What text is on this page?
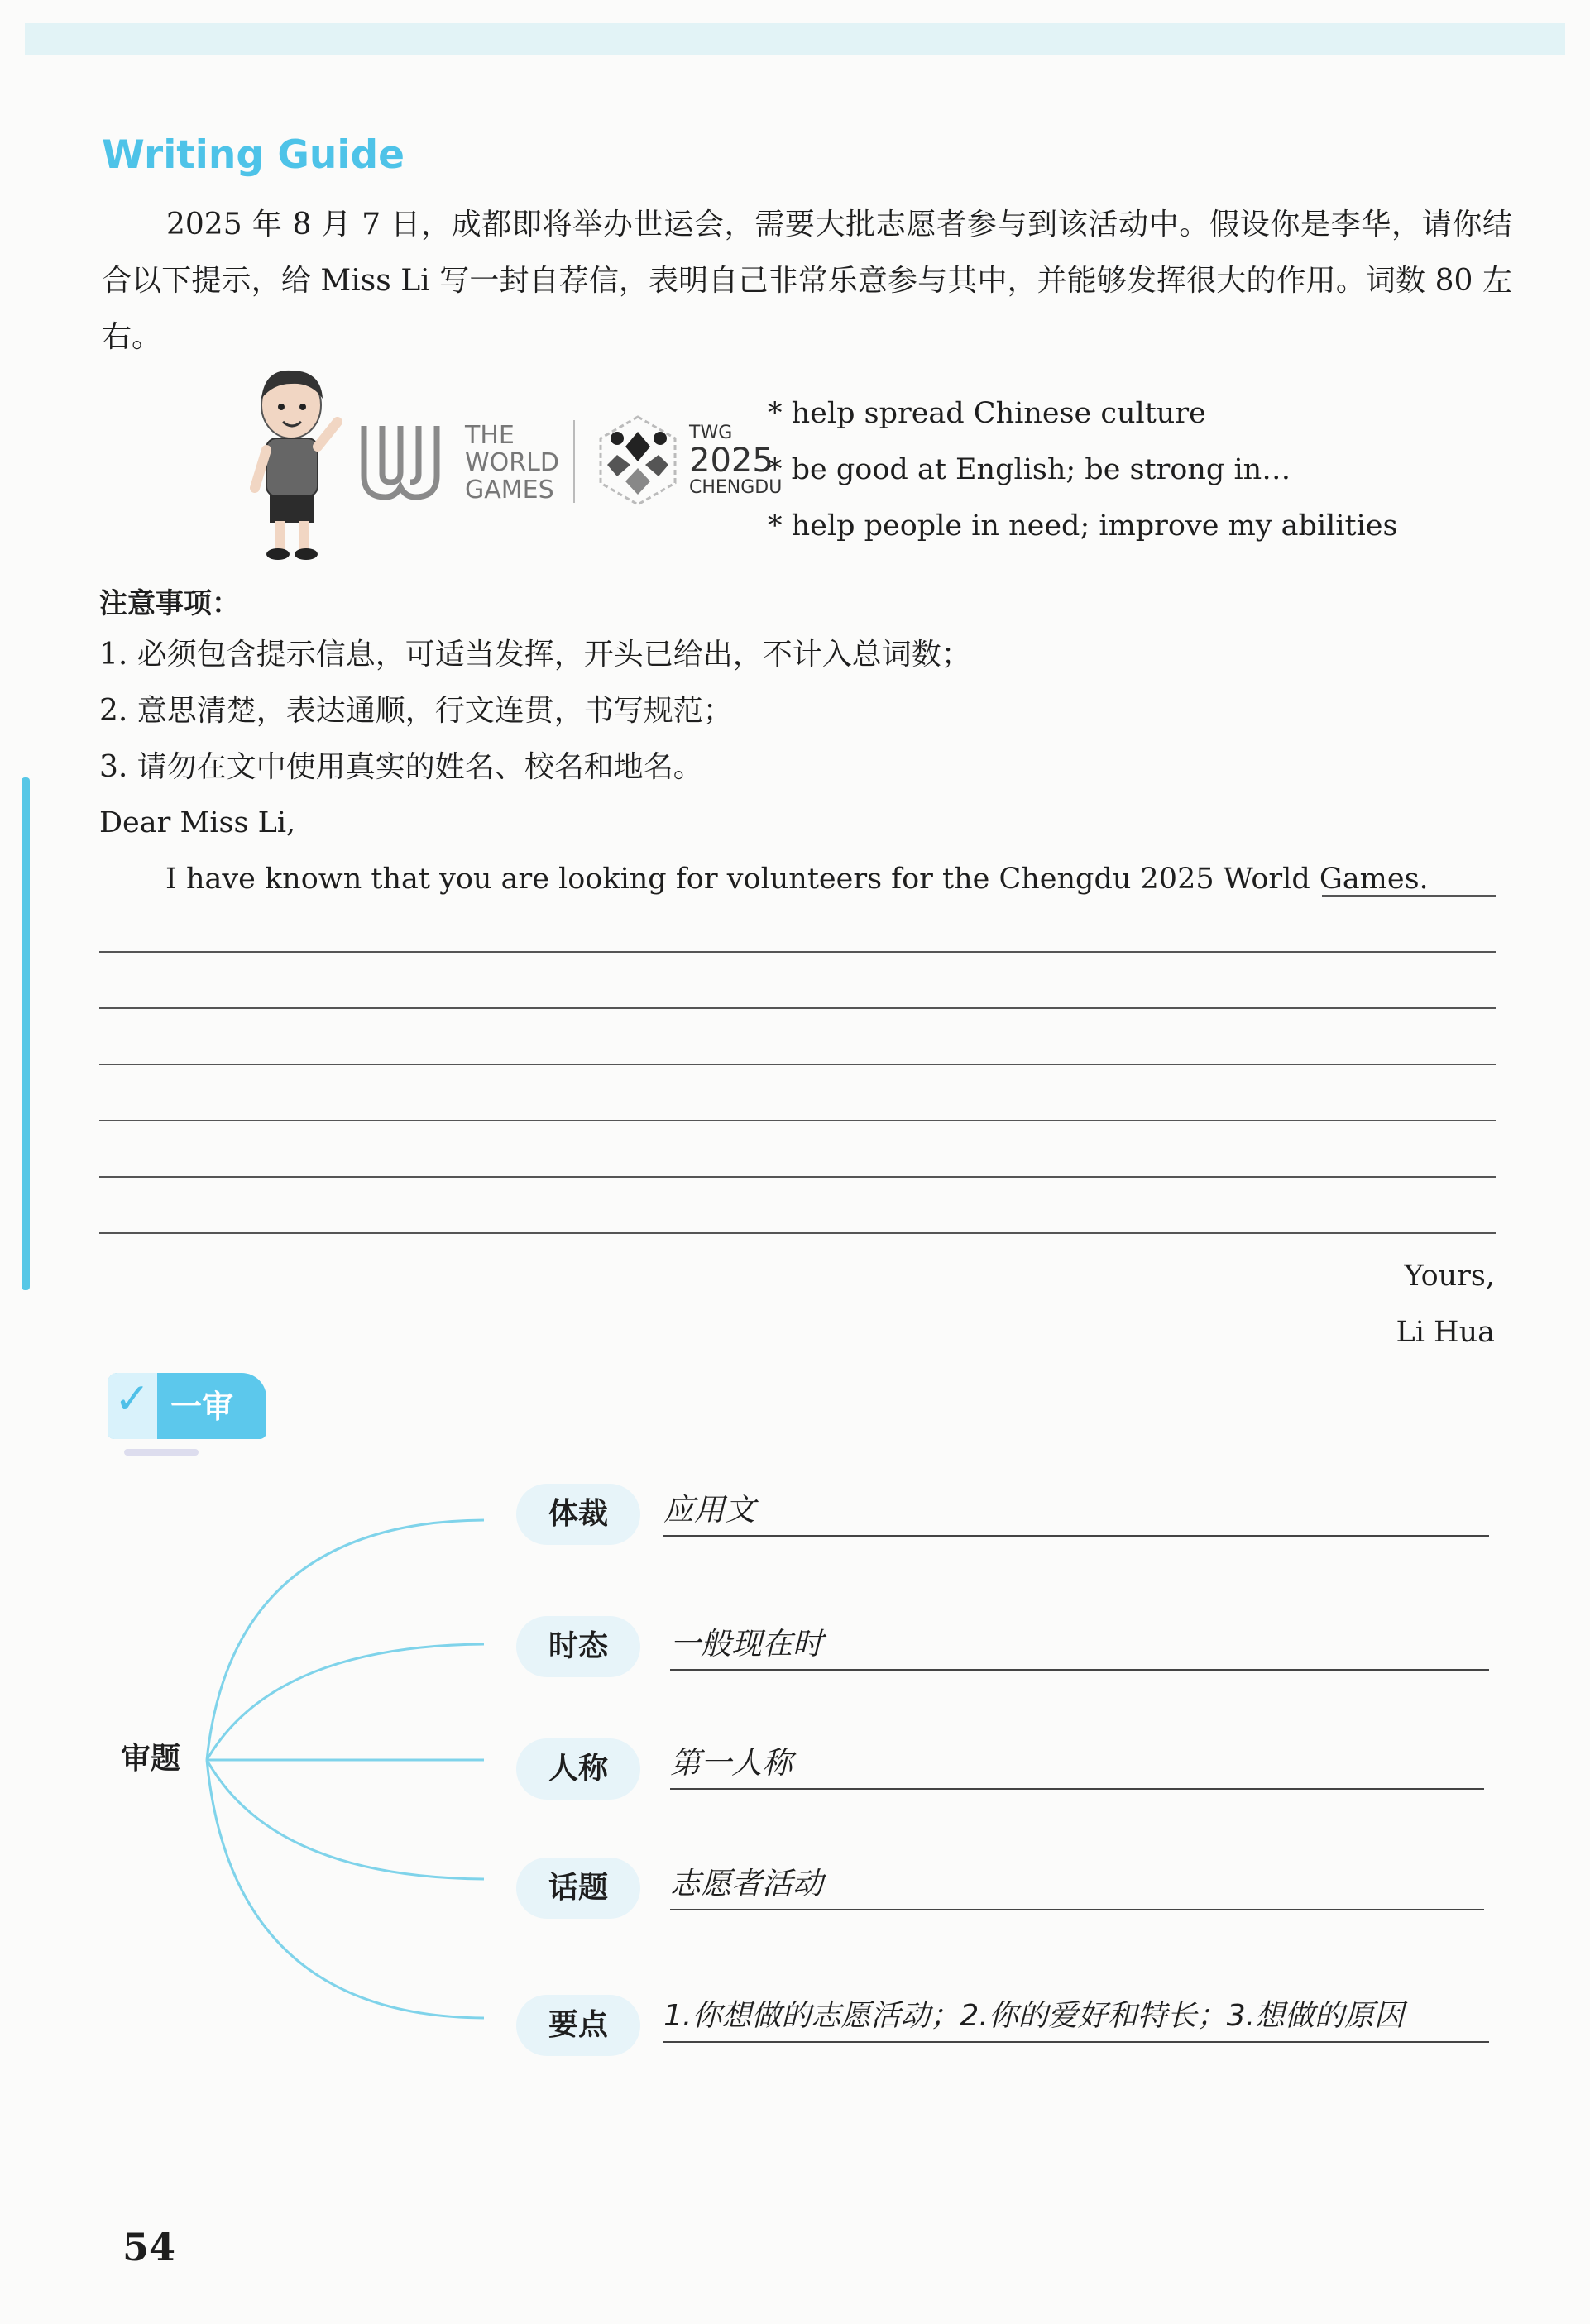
Writing Guide

2025 年 8 月 7 日，成都即将举办世运会，需要大批志愿者参与到该活动中。假设你是李华，请你结合以下提示，给 Miss Li 写一封自荐信，表明自己非常乐意参与其中，并能够发挥很大的作用。词数 80 左右。

THE
WORLD
GAMES
TWG
2025
CHENGDU
* help spread Chinese culture
* be good at English; be strong in…
* help people in need; improve my abilities
注意事项：
1. 必须包含提示信息，可适当发挥，开头已给出，不计入总词数；
2. 意思清楚，表达通顺，行文连贯，书写规范；
3. 请勿在文中使用真实的姓名、校名和地名。
Dear Miss Li,
I have known that you are looking for volunteers for the Chengdu 2025 World Games.
Yours,
Li Hua
✓ 一审
审题
体裁	应用文
时态	一般现在时
人称	第一人称
话题	志愿者活动
要点	1.你想做的志愿活动；2.你的爱好和特长；3.想做的原因
54
